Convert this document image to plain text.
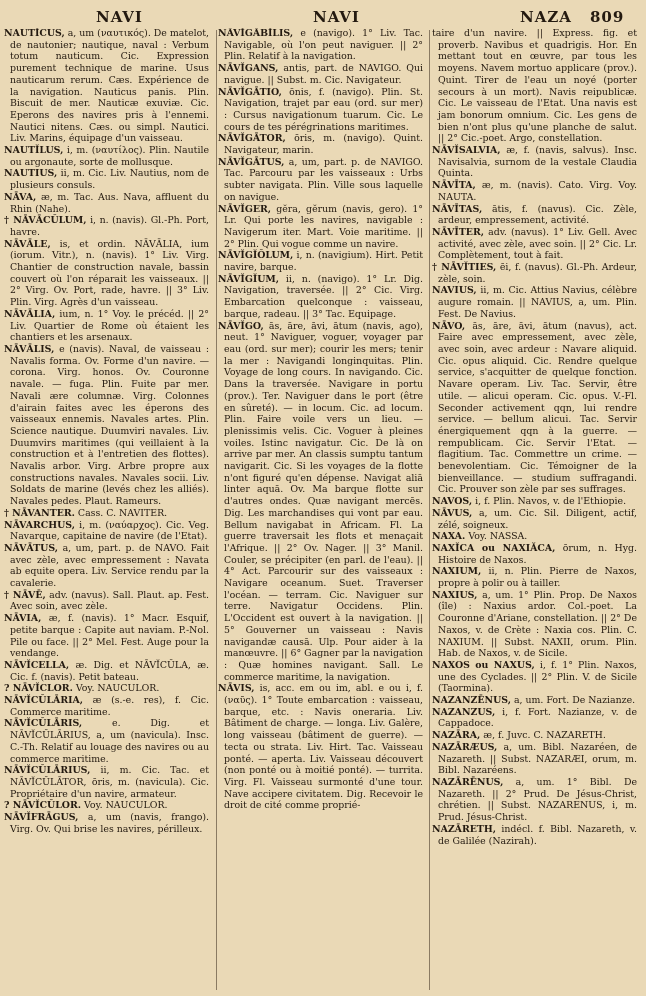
NAVI	NAVI	NAZA 809

NAUTĬCUS, a, um (ναυτικός). De matelot, de nautonier; nautique, naval : Verbum totum nauticum. Cic. Expression purement technique de marine. Usus nauticarum rerum. Cæs. Expérience de la navigation. Nauticus panis. Plin. Biscuit de mer. Nauticæ exuviæ. Cic. Eperons des navires pris à l'ennemi. Nautici nitens. Cæs. ou simpl. Nautici. Liv. Marins, équipage d'un vaisseau.

NAUTĬLUS, i, m. (ναυτίλος). Plin. Nautile ou argonaute, sorte de mollusque.

NAUTIUS, ii, m. Cic. Liv. Nautius, nom de plusieurs consuls.

NĀVA, æ, m. Tac. Aus. Nava, affluent du Rhin (Nahe).

† NĀVĀCŬLUM, i, n. (navis). Gl.-Ph. Port, havre.

NĀVĀLE, is, et ordin. NĀVĀLIA, ium (iorum. Vitr.), n. (navis). 1° Liv. Virg. Chantier de construction navale, bassin couvert où l'on réparait les vaisseaux. || 2° Virg. Ov. Port, rade, havre. || 3° Liv. Plin. Virg. Agrès d'un vaisseau.

NĀVĀLIA, ium, n. 1° Voy. le précéd. || 2° Liv. Quartier de Rome où étaient les chantiers et les arsenaux.

NĀVĀLIS, e (navis). Naval, de vaisseau : Navalis forma. Ov. Forme d'un navire. — corona. Virg. honos. Ov. Couronne navale. — fuga. Plin. Fuite par mer. Navali ære columnæ. Virg. Colonnes d'airain faites avec les éperons des vaisseaux ennemis. Navales artes. Plin. Science nautique. Duumviri navales. Liv. Duumvirs maritimes (qui veillaient à la construction et à l'entretien des flottes). Navalis arbor. Virg. Arbre propre aux constructions navales. Navales socii. Liv. Soldats de marine (levés chez les alliés). Navales pedes. Plaut. Rameurs.

† NĀVANTER. Cass. C. NAVITER.

NĀVARCHUS, i, m. (ναύαρχος). Cic. Veg. Navarque, capitaine de navire (de l'Etat).

NĀVĀTUS, a, um, part. p. de NAVO. Fait avec zèle, avec empressement : Navata ab equite opera. Liv. Service rendu par la cavalerie.

† NĀVĒ, adv. (navus). Sall. Plaut. ap. Fest. Avec soin, avec zèle.

NĀVIA, æ, f. (navis). 1° Macr. Esquif, petite barque : Capite aut naviam. P.-Nol. Pile ou face. || 2° Mel. Fest. Auge pour la vendange.

NĀVĬCELLA, æ. Dig. et NĀVĬCŬLA, æ. Cic. f. (navis). Petit bateau.

? NĀVĬCLOR. Voy. NAUCULOR.

NĀVĬCŬLĀRIA, æ (s.-e. res), f. Cic. Commerce maritime.

NĀVĬCŬLĀRIS,	e. Dig. et NĀVĬCŬLĀRIUS, a, um (navicula). Insc. C.-Th. Relatif au louage des navires ou au commerce maritime.

NĀVĬCŬLĀRIUS, ii, m. Cic. Tac. et NĀVĬCŬLĀTOR, ōris, m. (navicula). Cic. Propriétaire d'un navire, armateur.

? NĀVĬCŬLOR. Voy. NAUCULOR.

NĀVĬFRĀGUS, a, um (navis, frango). Virg. Ov. Qui brise les navires, périlleux.

NĀVĬGĀBĬLIS, e (navigo). 1° Liv. Tac. Navigable, où l'on peut naviguer. || 2° Plin. Relatif à la navigation.

NĀVĬGANS, antis, part. de NAVIGO. Qui navigue. || Subst. m. Cic. Navigateur.

NĀVĬGĀTIO, ōnis, f. (navigo). Plin. St. Navigation, trajet par eau (ord. sur mer) : Cursus navigationum tuarum. Cic. Le cours de tes pérégrinations maritimes.

NĀVĬGĀTOR, ōris, m. (navigo). Quint. Navigateur, marin.

NĀVĬGĀTUS, a, um, part. p. de NAVIGO. Tac. Parcouru par les vaisseaux : Urbs subter navigata. Plin. Ville sous laquelle on navigue.

NĀVĬGER, gĕra, gĕrum (navis, gero). 1° Lr. Qui porte les navires, navigable : Navigerum iter. Mart. Voie maritime. || 2° Plin. Qui vogue comme un navire.

NĀVĬGĬŎLUM, i, n. (navigium). Hirt. Petit navire, barque.

NĀVĬGĬUM, ii, n. (navigo). 1° Lr. Dig. Navigation, traversée. || 2° Cic. Virg. Embarcation quelconque : vaisseau, barque, radeau. || 3° Tac. Equipage.

NĀVĬGO, ās, āre, āvi, ātum (navis, ago), neut. 1° Naviguer, voguer, voyager par eau (ord. sur mer); courir les mers; tenir la mer : Navigandi longinquitas. Plin. Voyage de long cours. In navigando. Cic. Dans la traversée. Navigare in portu (prov.). Ter. Naviguer dans le port (être en sûreté). — in locum. Cic. ad locum. Plin. Faire voile vers un lieu. — plenissimis velis. Cic. Voguer à pleines voiles. Istinc navigatur. Cic. De là on arrive par mer. An classis sumptu tantum navigarit. Cic. Si les voyages de la flotte n'ont figuré qu'en dépense. Navigat aliā linter aquā. Ov. Ma barque flotte sur d'autres ondes. Quæ navigant mercēs. Dig. Les marchandises qui vont par eau. Bellum navigabat in Africam. Fl. La guerre traversait les flots et menaçait l'Afrique. || 2° Ov. Nager. || 3° Manil. Couler, se précipiter (en parl. de l'eau). || 4° Act. Parcourir sur des vaisseaux : Navigare oceanum. Suet. Traverser l'océan. — terram. Cic. Naviguer sur terre. Navigatur Occidens. Plin. L'Occident est ouvert à la navigation. || 5° Gouverner un vaisseau : Navis navigandæ causā. Ulp. Pour aider à la manœuvre. || 6° Gagner par la navigation : Quæ homines navigant. Sall. Le commerce maritime, la navigation.

NĀVIS, is, acc. em ou im, abl. e ou i, f. (ναῦς). 1° Toute embarcation : vaisseau, barque, etc. : Navis oneraria. Liv. Bâtiment de charge. — longa. Liv. Galère, long vaisseau (bâtiment de guerre). — tecta ou strata. Liv. Hirt. Tac. Vaisseau ponté. — aperta. Liv. Vaisseau découvert (non ponté ou à moitié ponté). — turrita. Virg. Fl. Vaisseau surmonté d'une tour. Nave accipere civitatem. Dig. Recevoir le droit de cité comme proprié-

taire d'un navire. || Express. fig. et proverb. Navibus et quadrigis. Hor. En mettant tout en œuvre, par tous les moyens. Navem mortuo applicare (prov.). Quint. Tirer de l'eau un noyé (porter secours à un mort). Navis reipublicæ. Cic. Le vaisseau de l'Etat. Una navis est jam bonorum omnium. Cic. Les gens de bien n'ont plus qu'une planche de salut. || 2° Cic.-poet. Argo, constellation.

NĀVĬSALVIA, æ, f. (navis, salvus). Insc. Navisalvia, surnom de la vestale Claudia Quinta.

NĀVĪTA, æ, m. (navis). Cato. Virg. Voy. NAUTA.

NĀVĪTAS, ātis, f. (navus). Cic. Zèle, ardeur, empressement, activité.

NĀVĪTER, adv. (navus). 1° Liv. Gell. Avec activité, avec zèle, avec soin. || 2° Cic. Lr. Complètement, tout à fait.

† NĀVĬTIES, ēi, f. (navus). Gl.-Ph. Ardeur, zèle, soin.

NAVIUS, ii, m. Cic. Attius Navius, célèbre augure romain. || NAVIUS, a, um. Plin. Fest. De Navius.

NĀVO, ās, āre, āvi, ātum (navus), act. Faire avec empressement, avec zèle, avec soin, avec ardeur : Navare aliquid. Cic. opus aliquid. Cic. Rendre quelque service, s'acquitter de quelque fonction. Navare operam. Liv. Tac. Servir, être utile. — alicui operam. Cic. opus. V.-Fl. Seconder activement qqn, lui rendre service. — bellum alicui. Tac. Servir énergiquement qqn à la guerre. — rempublicam. Cic. Servir l'Etat. — flagitium. Tac. Commettre un crime. — benevolentiam. Cic. Témoigner de la bienveillance. — studium suffragandi. Cic. Prouver son zèle par ses suffrages.

NAVOS, i, f. Plin. Navos, v. de l'Ethiopie.

NĀVUS, a, um. Cic. Sil. Diligent, actif, zélé, soigneux.

NAXA. Voy. NASSA.

NAXĬCA ou NAXIĂCA, ōrum, n. Hyg. Histoire de Naxos.

NAXIUM, ii, n. Plin. Pierre de Naxos, propre à polir ou à tailler.

NAXIUS, a, um. 1° Plin. Prop. De Naxos (île) : Naxius ardor. Col.-poet. La Couronne d'Ariane, constellation. || 2° De Naxos, v. de Crète : Naxia cos. Plin. C. NAXIUM. || Subst. NAXII, orum. Plin. Hab. de Naxos, v. de Sicile.

NAXOS ou NAXUS, i, f. 1° Plin. Naxos, une des Cyclades. || 2° Plin. V. de Sicile (Taormina).

NAZANZĒNUS, a, um. Fort. De Nazianze.

NAZANZUS, i, f. Fort. Nazianze, v. de Cappadoce.

NAZĀRA, æ, f. Juvc. C. NAZARETH.

NAZĀRÆUS, a, um. Bibl. Nazaréen, de Nazareth. || Subst. NAZARÆI, orum, m. Bibl. Nazaréens.

NAZĀRĒNUS, a, um. 1° Bibl. De Nazareth. || 2° Prud. De Jésus-Christ, chrétien. || Subst. NAZARENUS, i, m. Prud. Jésus-Christ.

NAZĀRETH, indécl. f. Bibl. Nazareth, v. de Galilée (Nazirah).
